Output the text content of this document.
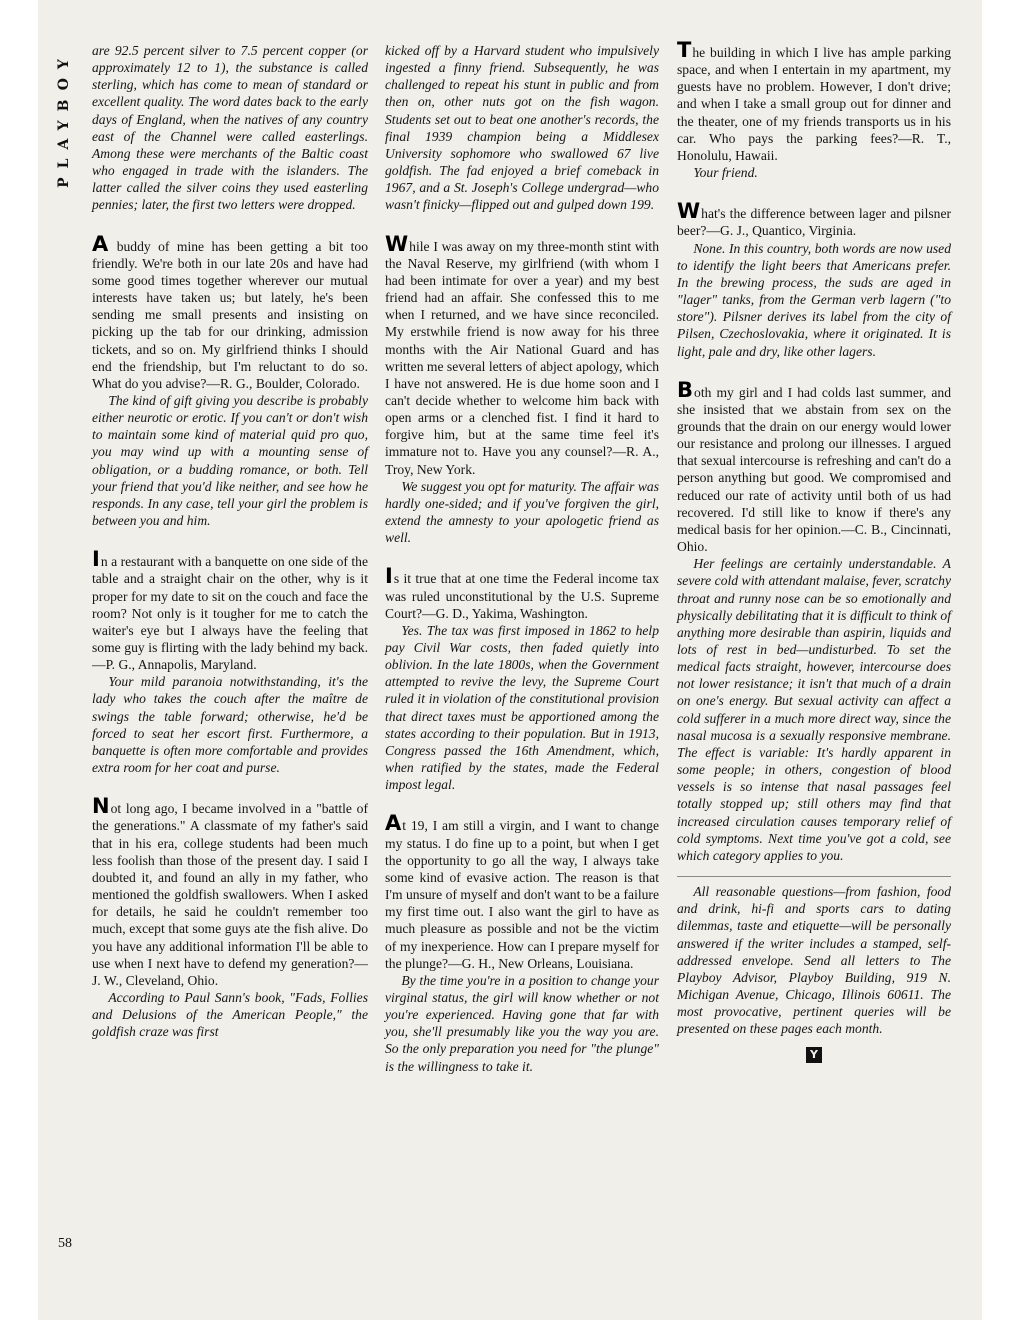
PLAYBOY are 92.5 percent silver to 7.5 percent copper (or approximately 12 to 1), the substance is called sterling, which has come to mean of standard or excellent quality. The word dates back to the early days of England, when the natives of any country east of the Channel were called easterlings. Among these were merchants of the Baltic coast who engaged in trade with the islanders. The latter called the silver coins they used easterling pennies; later, the first two letters were dropped.

A buddy of mine has been getting a bit too friendly. We're both in our late 20s and have had some good times together wherever our mutual interests have taken us; but lately, he's been sending me small presents and insisting on picking up the tab for our drinking, admission tickets, and so on. My girlfriend thinks I should end the friendship, but I'm reluctant to do so. What do you advise?—R. G., Boulder, Colorado.

The kind of gift giving you describe is probably either neurotic or erotic. If you can't or don't wish to maintain some kind of material quid pro quo, you may wind up with a mounting sense of obligation, or a budding romance, or both. Tell your friend that you'd like neither, and see how he responds. In any case, tell your girl the problem is between you and him.

In a restaurant with a banquette on one side of the table and a straight chair on the other, why is it proper for my date to sit on the couch and face the room? Not only is it tougher for me to catch the waiter's eye but I always have the feeling that some guy is flirting with the lady behind my back.—P. G., Annapolis, Maryland.

Your mild paranoia notwithstanding, it's the lady who takes the couch after the maître de swings the table forward; otherwise, he'd be forced to seat her escort first. Furthermore, a banquette is often more comfortable and provides extra room for her coat and purse.

Not long ago, I became involved in a "battle of the generations." A classmate of my father's said that in his era, college students had been much less foolish than those of the present day. I said I doubted it, and found an ally in my father, who mentioned the goldfish swallowers. When I asked for details, he said he couldn't remember too much, except that some guys ate the fish alive. Do you have any additional information I'll be able to use when I next have to defend my generation?—J. W., Cleveland, Ohio.

According to Paul Sann's book, "Fads, Follies and Delusions of the American People," the goldfish craze was first

kicked off by a Harvard student who impulsively ingested a finny friend. Subsequently, he was challenged to repeat his stunt in public and from then on, other nuts got on the fish wagon. Students set out to beat one another's records, the final 1939 champion being a Middlesex University sophomore who swallowed 67 live goldfish. The fad enjoyed a brief comeback in 1967, and a St. Joseph's College undergrad—who wasn't finicky—flipped out and gulped down 199.

While I was away on my three-month stint with the Naval Reserve, my girlfriend (with whom I had been intimate for over a year) and my best friend had an affair. She confessed this to me when I returned, and we have since reconciled. My erstwhile friend is now away for his three months with the Air National Guard and has written me several letters of abject apology, which I have not answered. He is due home soon and I can't decide whether to welcome him back with open arms or a clenched fist. I find it hard to forgive him, but at the same time feel it's immature not to. Have you any counsel?—R. A., Troy, New York.

We suggest you opt for maturity. The affair was hardly one-sided; and if you've forgiven the girl, extend the amnesty to your apologetic friend as well.

Is it true that at one time the Federal income tax was ruled unconstitutional by the U.S. Supreme Court?—G. D., Yakima, Washington.

Yes. The tax was first imposed in 1862 to help pay Civil War costs, then faded quietly into oblivion. In the late 1800s, when the Government attempted to revive the levy, the Supreme Court ruled it in violation of the constitutional provision that direct taxes must be apportioned among the states according to their population. But in 1913, Congress passed the 16th Amendment, which, when ratified by the states, made the Federal impost legal.

At 19, I am still a virgin, and I want to change my status. I do fine up to a point, but when I get the opportunity to go all the way, I always take some kind of evasive action. The reason is that I'm unsure of myself and don't want to be a failure my first time out. I also want the girl to have as much pleasure as possible and not be the victim of my inexperience. How can I prepare myself for the plunge?—G. H., New Orleans, Louisiana.

By the time you're in a position to change your virginal status, the girl will know whether or not you're experienced. Having gone that far with you, she'll presumably like you the way you are. So the only preparation you need for "the plunge" is the willingness to take it.

The building in which I live has ample parking space, and when I entertain in my apartment, my guests have no problem. However, I don't drive; and when I take a small group out for dinner and the theater, one of my friends transports us in his car. Who pays the parking fees?—R. T., Honolulu, Hawaii.

Your friend.

What's the difference between lager and pilsner beer?—G. J., Quantico, Virginia.

None. In this country, both words are now used to identify the light beers that Americans prefer. In the brewing process, the suds are aged in "lager" tanks, from the German verb lagern ("to store"). Pilsner derives its label from the city of Pilsen, Czechoslovakia, where it originated. It is light, pale and dry, like other lagers.

Both my girl and I had colds last summer, and she insisted that we abstain from sex on the grounds that the drain on our energy would lower our resistance and prolong our illnesses. I argued that sexual intercourse is refreshing and can't do a person anything but good. We compromised and reduced our rate of activity until both of us had recovered. I'd still like to know if there's any medical basis for her opinion.—C. B., Cincinnati, Ohio.

Her feelings are certainly understandable. A severe cold with attendant malaise, fever, scratchy throat and runny nose can be so emotionally and physically debilitating that it is difficult to think of anything more desirable than aspirin, liquids and lots of rest in bed—undisturbed. To set the medical facts straight, however, intercourse does not lower resistance; it isn't that much of a drain on one's energy. But sexual activity can affect a cold sufferer in a much more direct way, since the nasal mucosa is a sexually responsive membrane. The effect is variable: It's hardly apparent in some people; in others, congestion of blood vessels is so intense that nasal passages feel totally stopped up; still others may find that increased circulation causes temporary relief of cold symptoms. Next time you've got a cold, see which category applies to you.

All reasonable questions—from fashion, food and drink, hi-fi and sports cars to dating dilemmas, taste and etiquette—will be personally answered if the writer includes a stamped, self-addressed envelope. Send all letters to The Playboy Advisor, Playboy Building, 919 N. Michigan Avenue, Chicago, Illinois 60611. The most provocative, pertinent queries will be presented on these pages each month.

Y
58
